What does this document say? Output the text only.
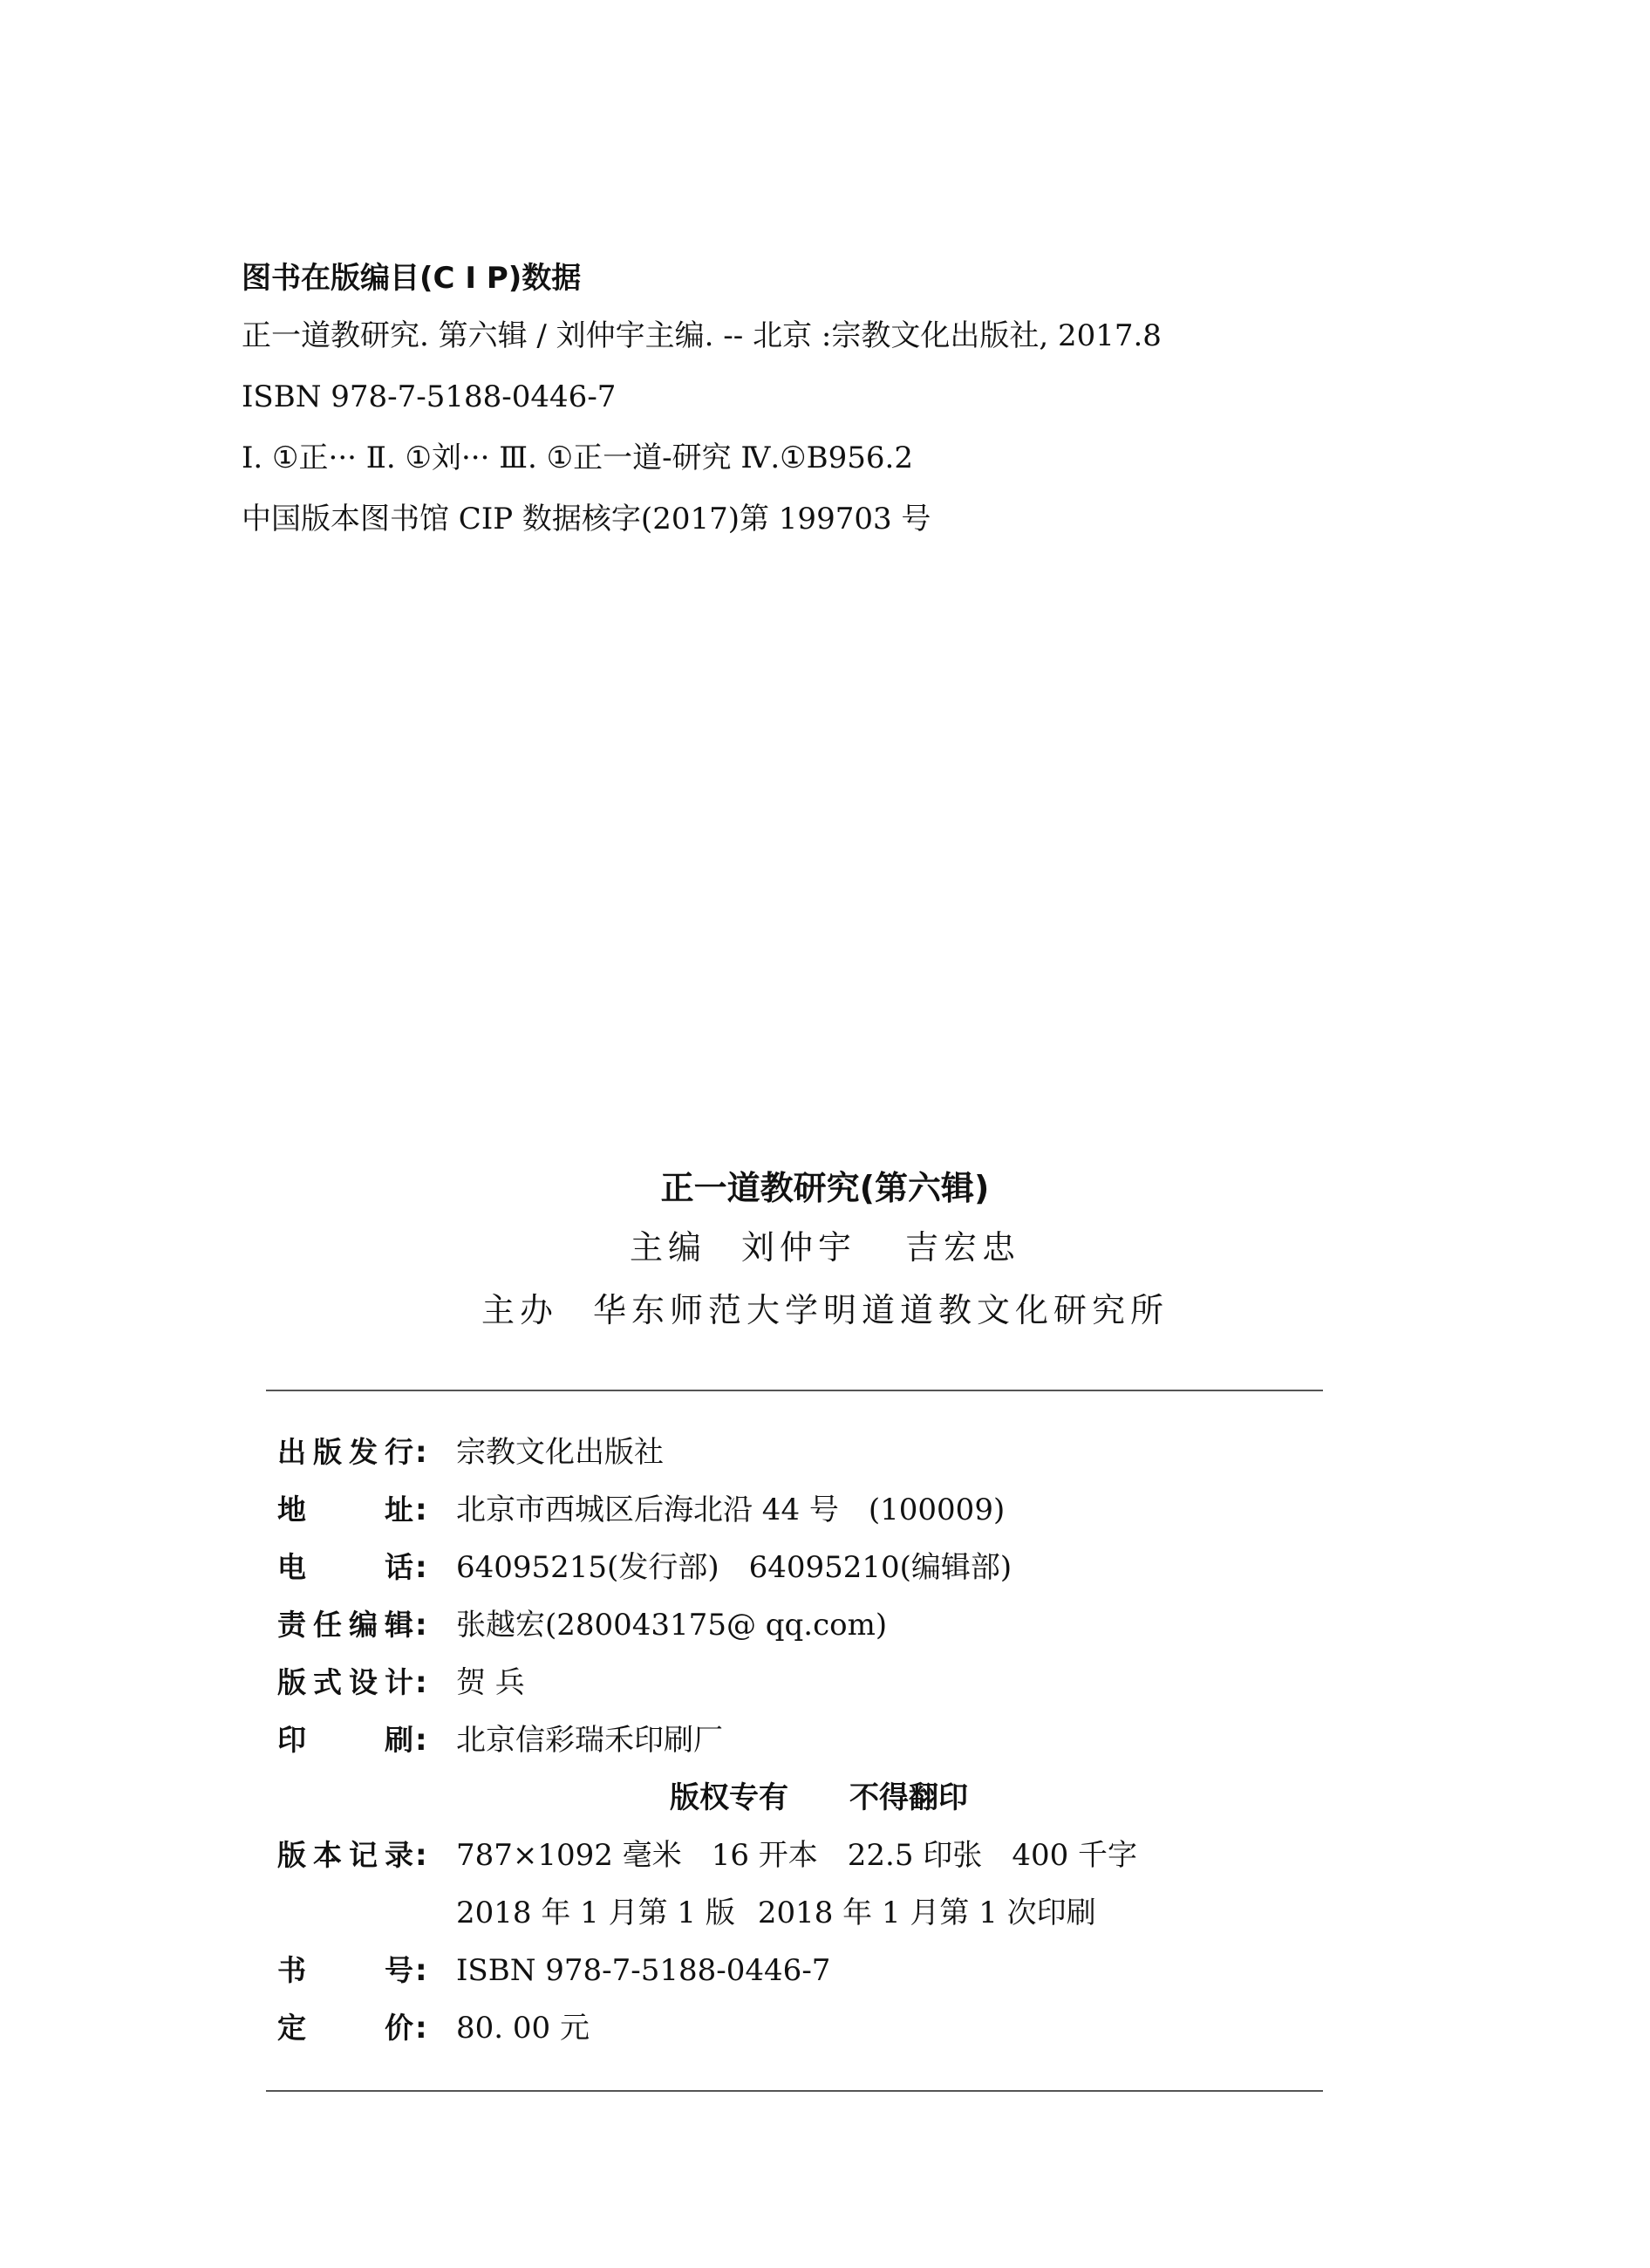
图书在版编目(C I P)数据
正一道教研究. 第六辑 / 刘仲宇主编. -- 北京 :宗教文化出版社, 2017.8
ISBN 978-7-5188-0446-7
Ⅰ. ①正··· Ⅱ. ①刘··· Ⅲ. ①正一道-研究 Ⅳ.①B956.2
中国版本图书馆 CIP 数据核字(2017)第 199703 号
正一道教研究(第六辑)
主编 刘仲宇 吉宏忠
主办 华东师范大学明道道教文化研究所
出 版 发 行 : 宗教文化出版社
地	址 : 北京市西城区后海北沿 44 号 (100009)
电	话 : 64095215(发行部) 64095210(编辑部)
责 任 编 辑 : 张越宏(280043175@ qq.com)
版 式 设 计 : 贺 兵
印	刷 : 北京信彩瑞禾印刷厂
版权专有 不得翻印
版 本 记 录 : 787×1092 毫米 16 开本 22.5 印张 400 千字
2018 年 1 月第 1 版 2018 年 1 月第 1 次印刷
书	号 : ISBN 978-7-5188-0446-7
定	价 : 80. 00 元
